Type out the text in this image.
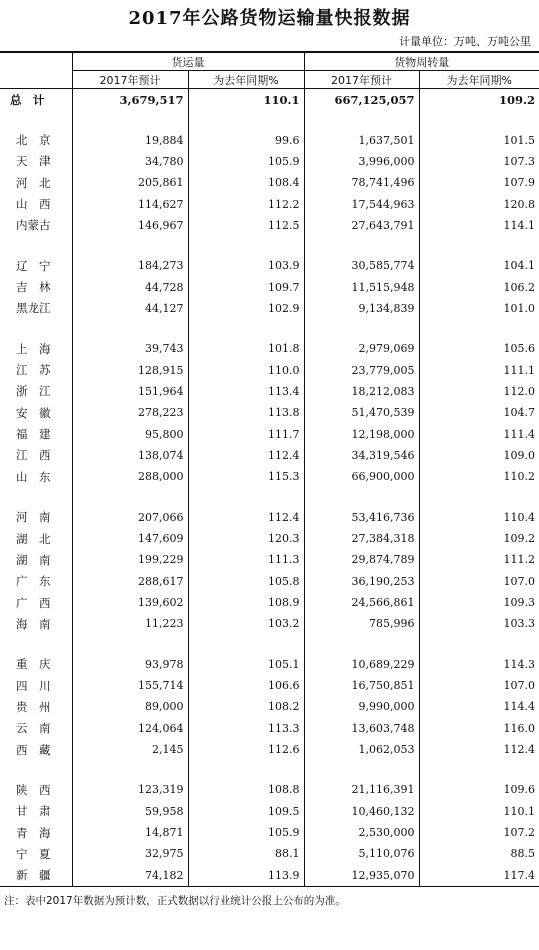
2017年公路货物运输量快报数据
计量单位：万吨、万吨公里
	货运量		货物周转量	
	2017年预计	为去年同期%	2017年预计	为去年同期%
总　计	3,679,517	110.1	667,125,057	109.2

北　京	19,884	99.6	1,637,501	101.5
天　津	34,780	105.9	3,996,000	107.3
河　北	205,861	108.4	78,741,496	107.9
山　西	114,627	112.2	17,544,963	120.8
内蒙古	146,967	112.5	27,643,791	114.1

辽　宁	184,273	103.9	30,585,774	104.1
吉　林	44,728	109.7	11,515,948	106.2
黑龙江	44,127	102.9	9,134,839	101.0

上　海	39,743	101.8	2,979,069	105.6
江　苏	128,915	110.0	23,779,005	111.1
浙　江	151,964	113.4	18,212,083	112.0
安　徽	278,223	113.8	51,470,539	104.7
福　建	95,800	111.7	12,198,000	111.4
江　西	138,074	112.4	34,319,546	109.0
山　东	288,000	115.3	66,900,000	110.2

河　南	207,066	112.4	53,416,736	110.4
湖　北	147,609	120.3	27,384,318	109.2
湖　南	199,229	111.3	29,874,789	111.2
广　东	288,617	105.8	36,190,253	107.0
广　西	139,602	108.9	24,566,861	109.3
海　南	11,223	103.2	785,996	103.3

重　庆	93,978	105.1	10,689,229	114.3
四　川	155,714	106.6	16,750,851	107.0
贵　州	89,000	108.2	9,990,000	114.4
云　南	124,064	113.3	13,603,748	116.0
西　藏	2,145	112.6	1,062,053	112.4

陕　西	123,319	108.8	21,116,391	109.6
甘　肃	59,958	109.5	10,460,132	110.1
青　海	14,871	105.9	2,530,000	107.2
宁　夏	32,975	88.1	5,110,076	88.5
新　疆	74,182	113.9	12,935,070	117.4
注：表中2017年数据为预计数，正式数据以行业统计公报上公布的为准。
